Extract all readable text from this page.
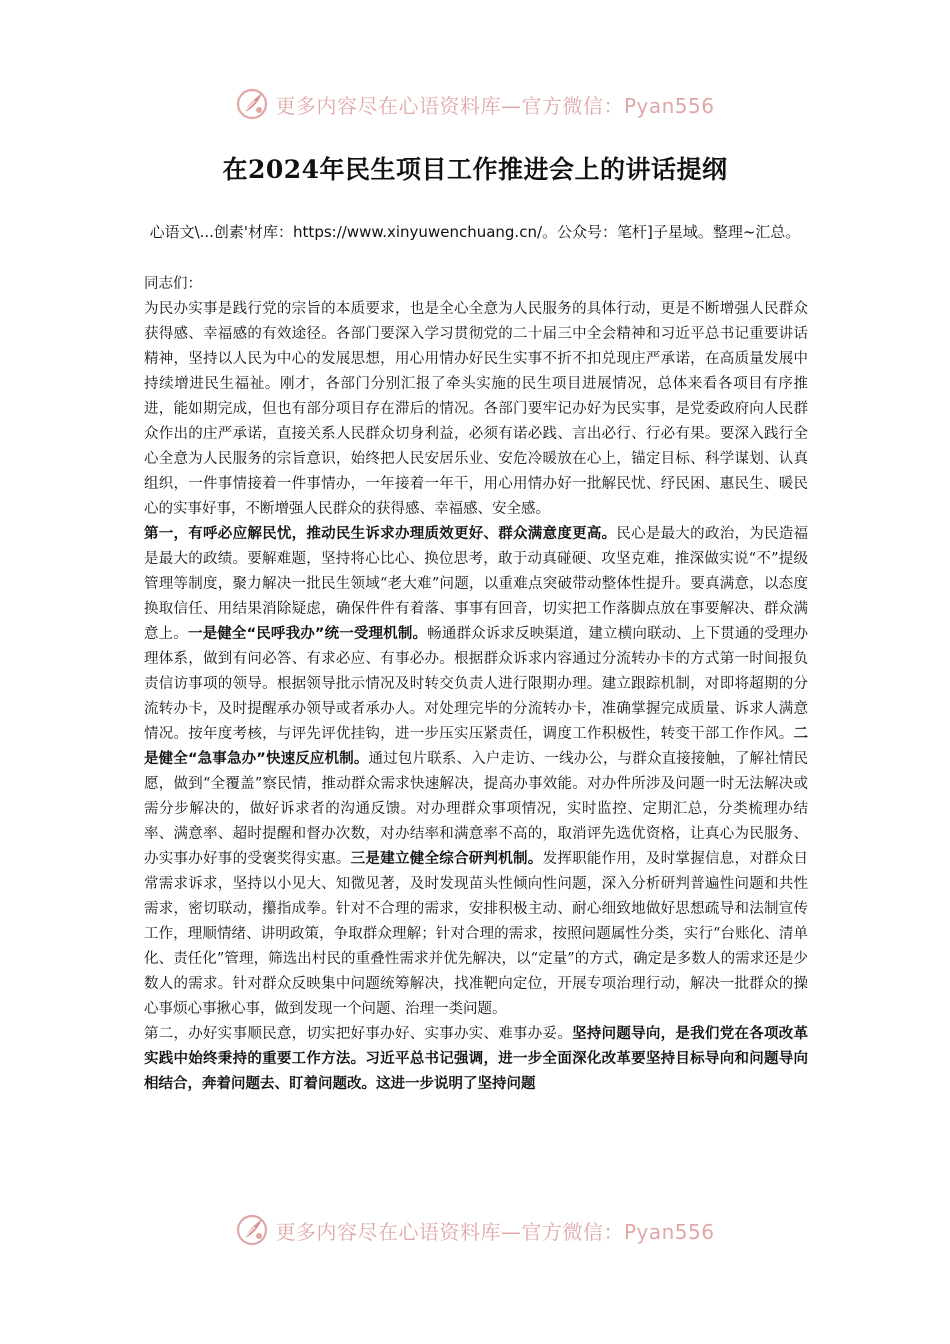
更多内容尽在心语资料库—官方微信：Pyan556
在2024年民生项目工作推进会上的讲话提纲
心语文\...创素'材库：https://www.xinyuwenchuang.cn/。公众号：笔杆]子星域。整理~汇总。

同志们：

为民办实事是践行党的宗旨的本质要求，也是全心全意为人民服务的具体行动，更是不断增强人民群众获得感、幸福感的有效途径。各部门要深入学习贯彻党的二十届三中全会精神和习近平总书记重要讲话精神，坚持以人民为中心的发展思想，用心用情办好民生实事不折不扣兑现庄严承诺，在高质量发展中持续增进民生福祉。刚才，各部门分别汇报了牵头实施的民生项目进展情况，总体来看各项目有序推进，能如期完成，但也有部分项目存在滞后的情况。各部门要牢记办好为民实事，是党委政府向人民群众作出的庄严承诺，直接关系人民群众切身利益，必须有诺必践、言出必行、行必有果。要深入践行全心全意为人民服务的宗旨意识，始终把人民安居乐业、安危冷暖放在心上，锚定目标、科学谋划、认真组织，一件事情接着一件事情办，一年接着一年干，用心用情办好一批解民忧、纾民困、惠民生、暖民心的实事好事，不断增强人民群众的获得感、幸福感、安全感。

第一，有呼必应解民忧，推动民生诉求办理质效更好、群众满意度更高。民心是最大的政治，为民造福是最大的政绩。要解难题，坚持将心比心、换位思考，敢于动真碰硬、攻坚克难，推深做实说“不”提级管理等制度，聚力解决一批民生领域“老大难”问题，以重难点突破带动整体性提升。要真满意，以态度换取信任、用结果消除疑虑，确保件件有着落、事事有回音，切实把工作落脚点放在事要解决、群众满意上。一是健全“民呼我办”统一受理机制。畅通群众诉求反映渠道，建立横向联动、上下贯通的受理办理体系，做到有问必答、有求必应、有事必办。根据群众诉求内容通过分流转办卡的方式第一时间报负责信访事项的领导。根据领导批示情况及时转交负责人进行限期办理。建立跟踪机制，对即将超期的分流转办卡，及时提醒承办领导或者承办人。对处理完毕的分流转办卡，准确掌握完成质量、诉求人满意情况。按年度考核，与评先评优挂钩，进一步压实压紧责任，调度工作积极性，转变干部工作作风。二是健全“急事急办”快速反应机制。通过包片联系、入户走访、一线办公，与群众直接接触，了解社情民愿，做到“全覆盖”察民情，推动群众需求快速解决，提高办事效能。对办件所涉及问题一时无法解决或需分步解决的，做好诉求者的沟通反馈。对办理群众事项情况，实时监控、定期汇总，分类梳理办结率、满意率、超时提醒和督办次数，对办结率和满意率不高的，取消评先选优资格，让真心为民服务、办实事办好事的受褒奖得实惠。三是建立健全综合研判机制。发挥职能作用，及时掌握信息，对群众日常需求诉求，坚持以小见大、知微见著，及时发现苗头性倾向性问题，深入分析研判普遍性问题和共性需求，密切联动，攥指成拳。针对不合理的需求，安排积极主动、耐心细致地做好思想疏导和法制宣传工作，理顺情绪、讲明政策，争取群众理解；针对合理的需求，按照问题属性分类，实行“台账化、清单化、责任化”管理，筛选出村民的重叠性需求并优先解决，以“定量”的方式，确定是多数人的需求还是少数人的需求。针对群众反映集中问题统筹解决，找准靶向定位，开展专项治理行动，解决一批群众的操心事烦心事揪心事，做到发现一个问题、治理一类问题。

第二，办好实事顺民意，切实把好事办好、实事办实、难事办妥。坚持问题导向，是我们党在各项改革实践中始终秉持的重要工作方法。习近平总书记强调，进一步全面深化改革要坚持目标导向和问题导向相结合，奔着问题去、盯着问题改。这进一步说明了坚持问题

更多内容尽在心语资料库—官方微信：Pyan556
